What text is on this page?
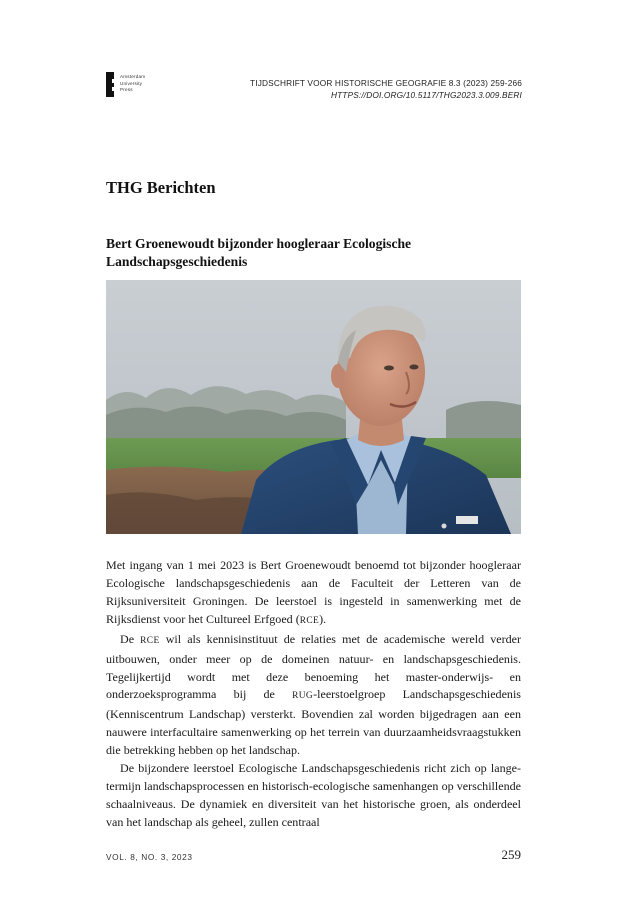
Amsterdam
University
Press
TIJDSCHRIFT VOOR HISTORISCHE GEOGRAFIE 8.3 (2023) 259-266
HTTPS://DOI.ORG/10.5117/THG2023.3.009.BERI
THG Berichten
Bert Groenewoudt bijzonder hoogleraar Ecologische Landschapsgeschiedenis

Met ingang van 1 mei 2023 is Bert Groenewoudt benoemd tot bijzonder hoogleraar Ecologische landschapsgeschiedenis aan de Faculteit der Letteren van de Rijksuniversiteit Groningen. De leerstoel is ingesteld in samenwerking met de Rijksdienst voor het Cultureel Erfgoed (RCE).

De RCE wil als kennisinstituut de relaties met de academische wereld verder uitbouwen, onder meer op de domeinen natuur- en landschapsgeschiedenis. Tegelijkertijd wordt met deze benoeming het master-onderwijs- en onderzoeksprogramma bij de RUG-leerstoelgroep Landschapsgeschiedenis (Kenniscentrum Landschap) versterkt. Bovendien zal worden bijgedragen aan een nauwere interfacultaire samenwerking op het terrein van duurzaamheidsvraagstukken die betrekking hebben op het landschap.

De bijzondere leerstoel Ecologische Landschapsgeschiedenis richt zich op lange-termijn landschapsprocessen en historisch-ecologische samenhangen op verschillende schaalniveaus. De dynamiek en diversiteit van het historische groen, als onderdeel van het landschap als geheel, zullen centraal

VOL. 8, NO. 3, 2023	259
